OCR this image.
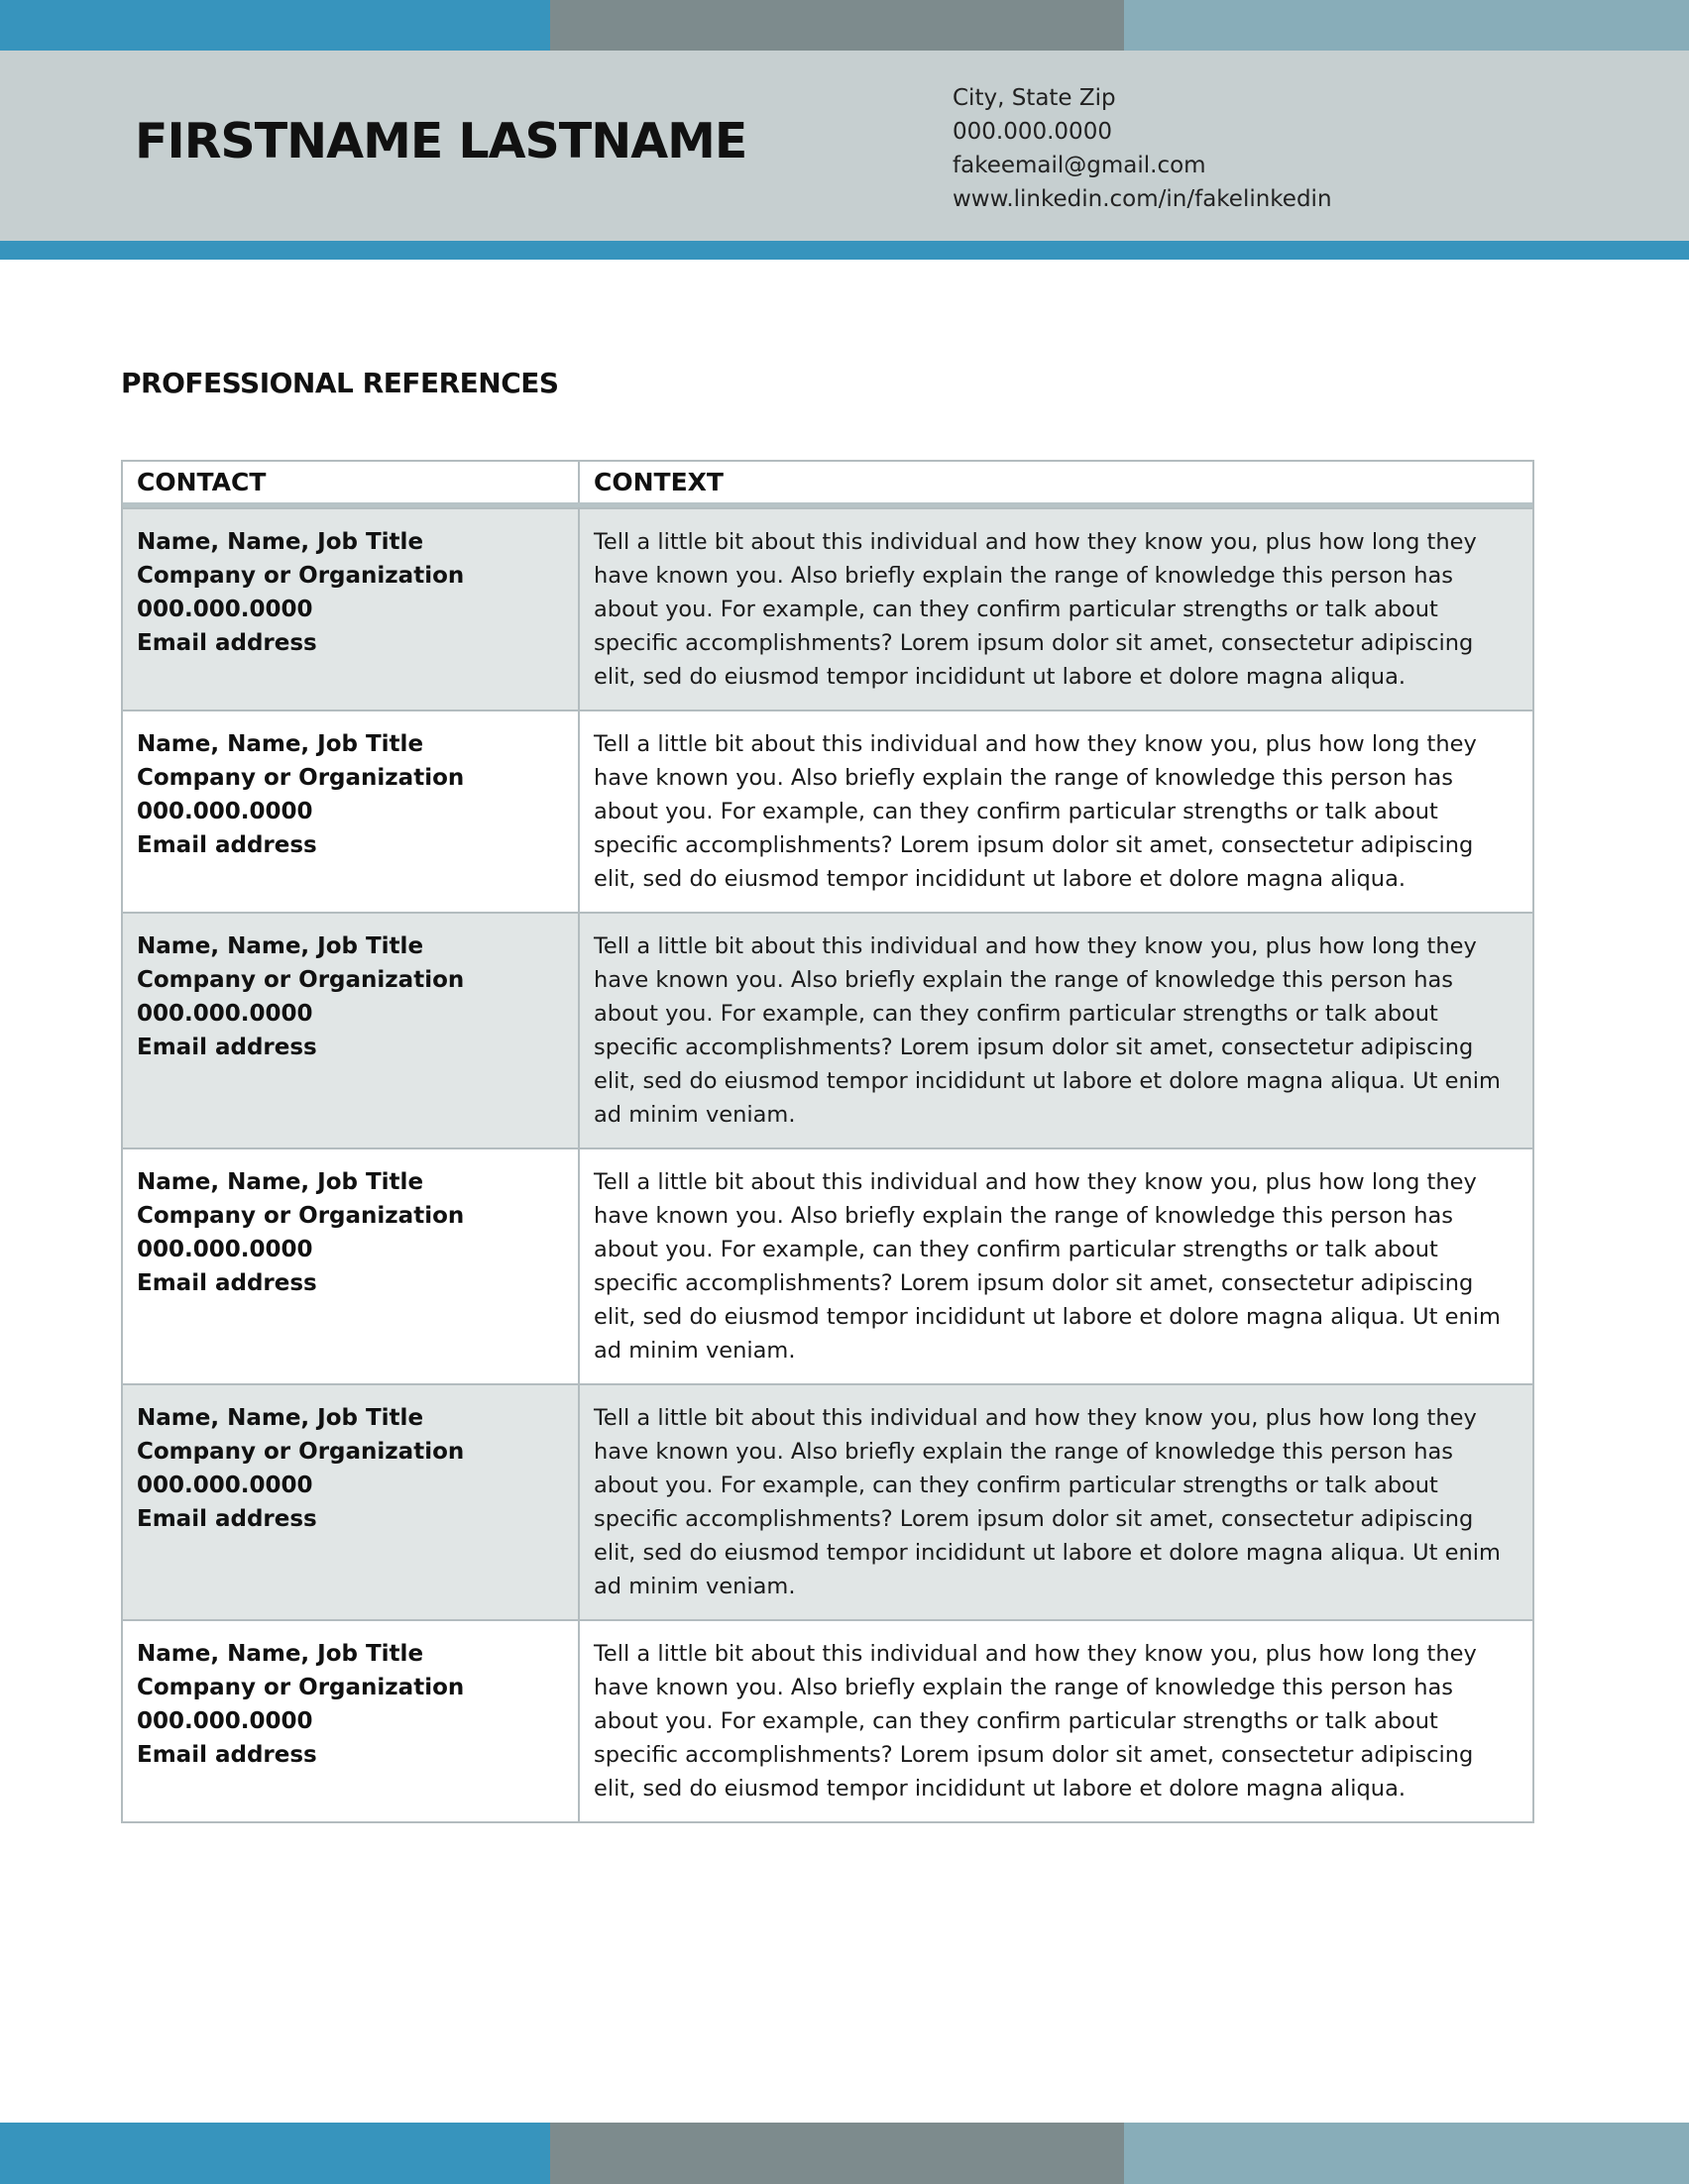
FIRSTNAME LASTNAME
City, State Zip
000.000.0000
fakeemail@gmail.com
www.linkedin.com/in/fakelinkedin
PROFESSIONAL REFERENCES
CONTACT	CONTEXT
Name, Name, Job Title
Company or Organization
000.000.0000
Email address
Tell a little bit about this individual and how they know you, plus how long they have known you. Also briefly explain the range of knowledge this person has about you. For example, can they confirm particular strengths or talk about specific accomplishments? Lorem ipsum dolor sit amet, consectetur adipiscing elit, sed do eiusmod tempor incididunt ut labore et dolore magna aliqua.
Name, Name, Job Title
Company or Organization
000.000.0000
Email address
Tell a little bit about this individual and how they know you, plus how long they have known you. Also briefly explain the range of knowledge this person has about you. For example, can they confirm particular strengths or talk about specific accomplishments? Lorem ipsum dolor sit amet, consectetur adipiscing elit, sed do eiusmod tempor incididunt ut labore et dolore magna aliqua.
Name, Name, Job Title
Company or Organization
000.000.0000
Email address
Tell a little bit about this individual and how they know you, plus how long they have known you. Also briefly explain the range of knowledge this person has about you. For example, can they confirm particular strengths or talk about specific accomplishments? Lorem ipsum dolor sit amet, consectetur adipiscing elit, sed do eiusmod tempor incididunt ut labore et dolore magna aliqua. Ut enim ad minim veniam.
Name, Name, Job Title
Company or Organization
000.000.0000
Email address
Tell a little bit about this individual and how they know you, plus how long they have known you. Also briefly explain the range of knowledge this person has about you. For example, can they confirm particular strengths or talk about specific accomplishments? Lorem ipsum dolor sit amet, consectetur adipiscing elit, sed do eiusmod tempor incididunt ut labore et dolore magna aliqua. Ut enim ad minim veniam.
Name, Name, Job Title
Company or Organization
000.000.0000
Email address
Tell a little bit about this individual and how they know you, plus how long they have known you. Also briefly explain the range of knowledge this person has about you. For example, can they confirm particular strengths or talk about specific accomplishments? Lorem ipsum dolor sit amet, consectetur adipiscing elit, sed do eiusmod tempor incididunt ut labore et dolore magna aliqua. Ut enim ad minim veniam.
Name, Name, Job Title
Company or Organization
000.000.0000
Email address
Tell a little bit about this individual and how they know you, plus how long they have known you. Also briefly explain the range of knowledge this person has about you. For example, can they confirm particular strengths or talk about specific accomplishments? Lorem ipsum dolor sit amet, consectetur adipiscing elit, sed do eiusmod tempor incididunt ut labore et dolore magna aliqua.
